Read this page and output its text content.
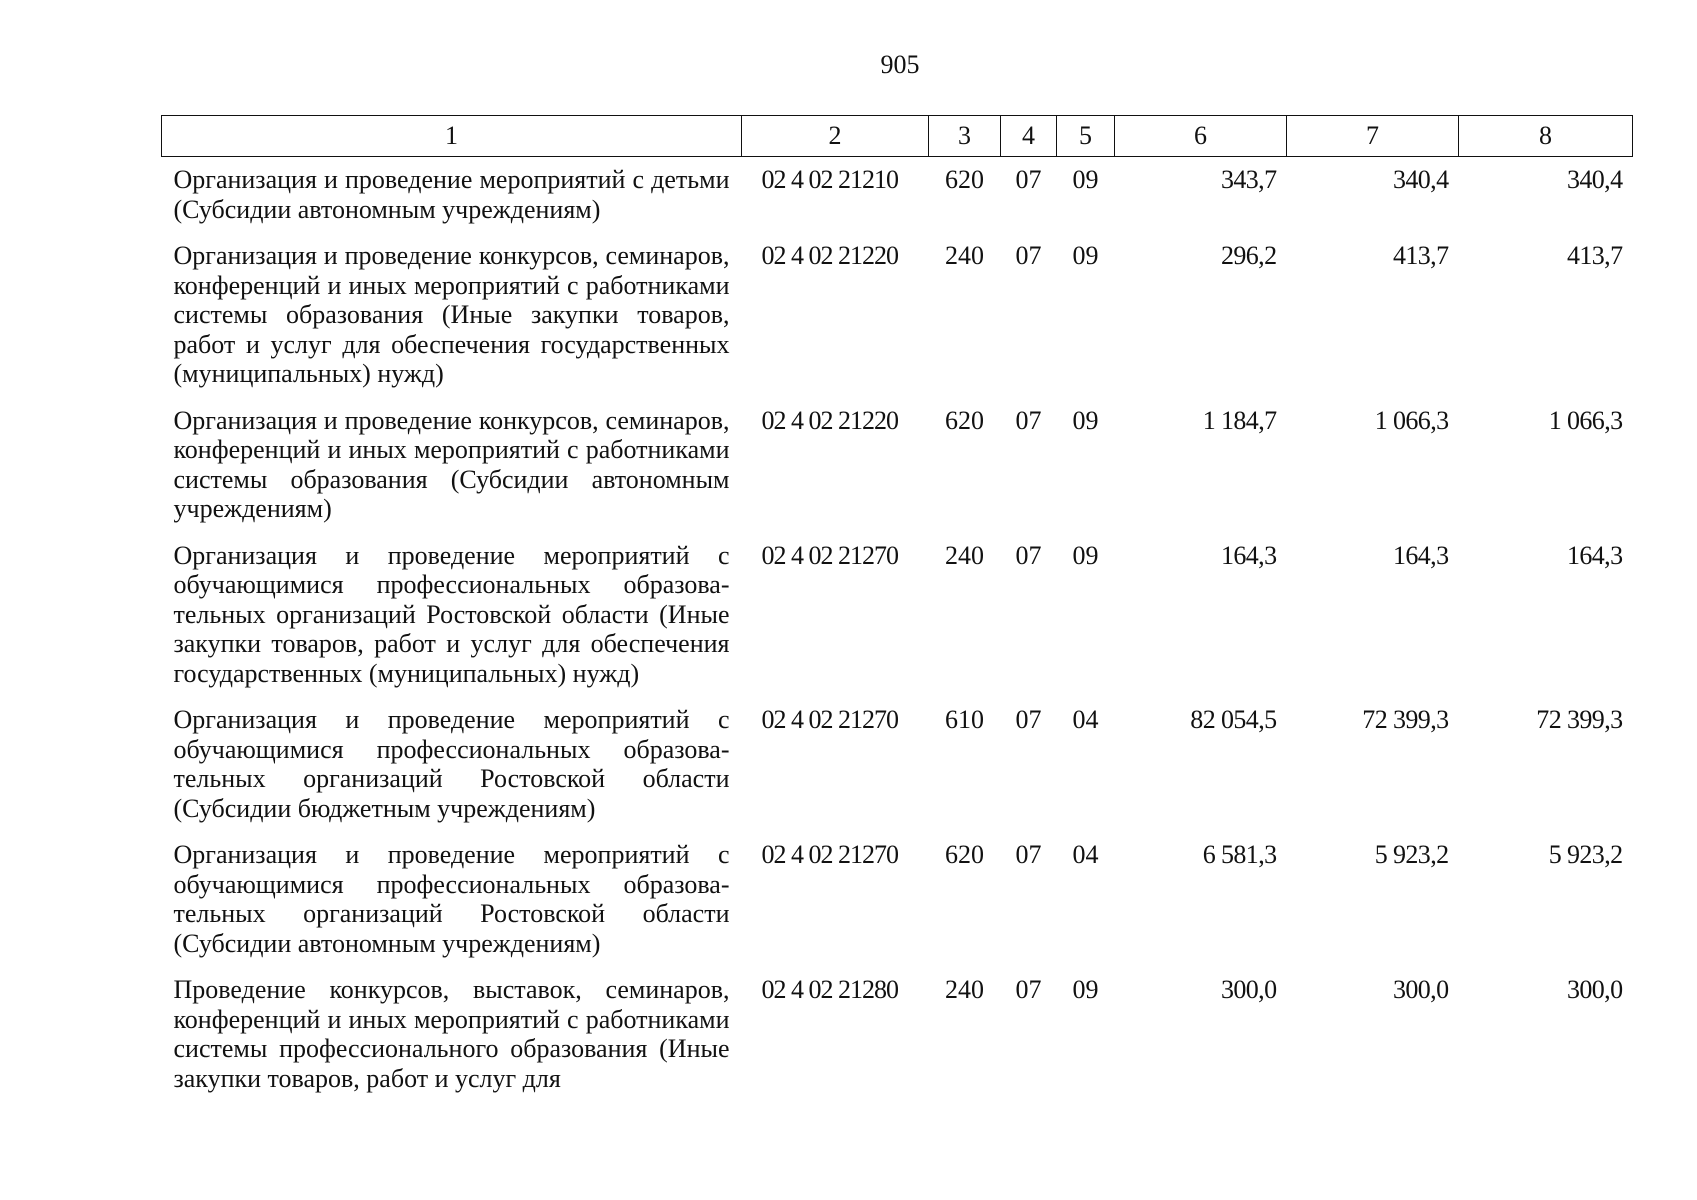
905
1	2	3	4	5	6	7	8
Организация и проведение мероприятий с детьми (Субсидии автономным учреждениям)	02 4 02 21210	620	07	09	343,7	340,4	340,4
Организация и проведение конкурсов, семинаров, конференций и иных мероприятий с работниками системы образования (Иные закупки товаров, работ и услуг для обеспечения государственных (муниципальных) нужд)	02 4 02 21220	240	07	09	296,2	413,7	413,7
Организация и проведение конкурсов, семинаров, конференций и иных мероприятий с работниками системы образования (Субсидии автономным учреждениям)	02 4 02 21220	620	07	09	1 184,7	1 066,3	1 066,3
Организация и проведение мероприятий с обучающимися профессиональных образовательных организаций Ростовской области (Иные закупки товаров, работ и услуг для обеспечения государственных (муниципальных) нужд)	02 4 02 21270	240	07	09	164,3	164,3	164,3
Организация и проведение мероприятий с обучающимися профессиональных образовательных организаций Ростовской области (Субсидии бюджетным учреждениям)	02 4 02 21270	610	07	04	82 054,5	72 399,3	72 399,3
Организация и проведение мероприятий с обучающимися профессиональных образовательных организаций Ростовской области (Субсидии автономным учреждениям)	02 4 02 21270	620	07	04	6 581,3	5 923,2	5 923,2
Проведение конкурсов, выставок, семинаров, конференций и иных мероприятий с работниками системы профессионального образования (Иные закупки товаров, работ и услуг для	02 4 02 21280	240	07	09	300,0	300,0	300,0
